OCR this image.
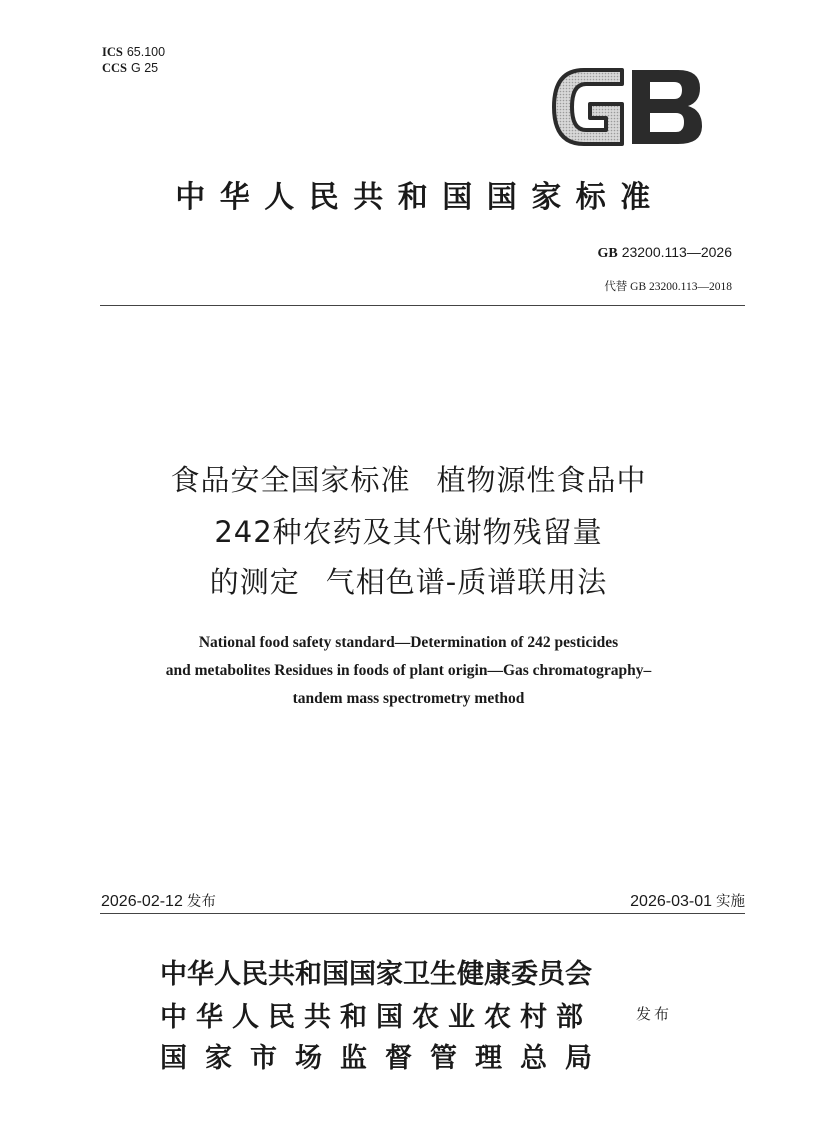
ICS 65.100
CCS G 25
中华人民共和国国家标准
GB 23200.113—2026
代替 GB 23200.113—2018
食品安全国家标准 植物源性食品中
242种农药及其代谢物残留量
的测定 气相色谱-质谱联用法
National food safety standard—Determination of 242 pesticides
and metabolites Residues in foods of plant origin—Gas chromatography–
tandem mass spectrometry method
2026-02-12 发布	2026-03-01 实施
中华人民共和国国家卫生健康委员会
中华人民共和国农业农村部
国家市场监督管理总局
发布
